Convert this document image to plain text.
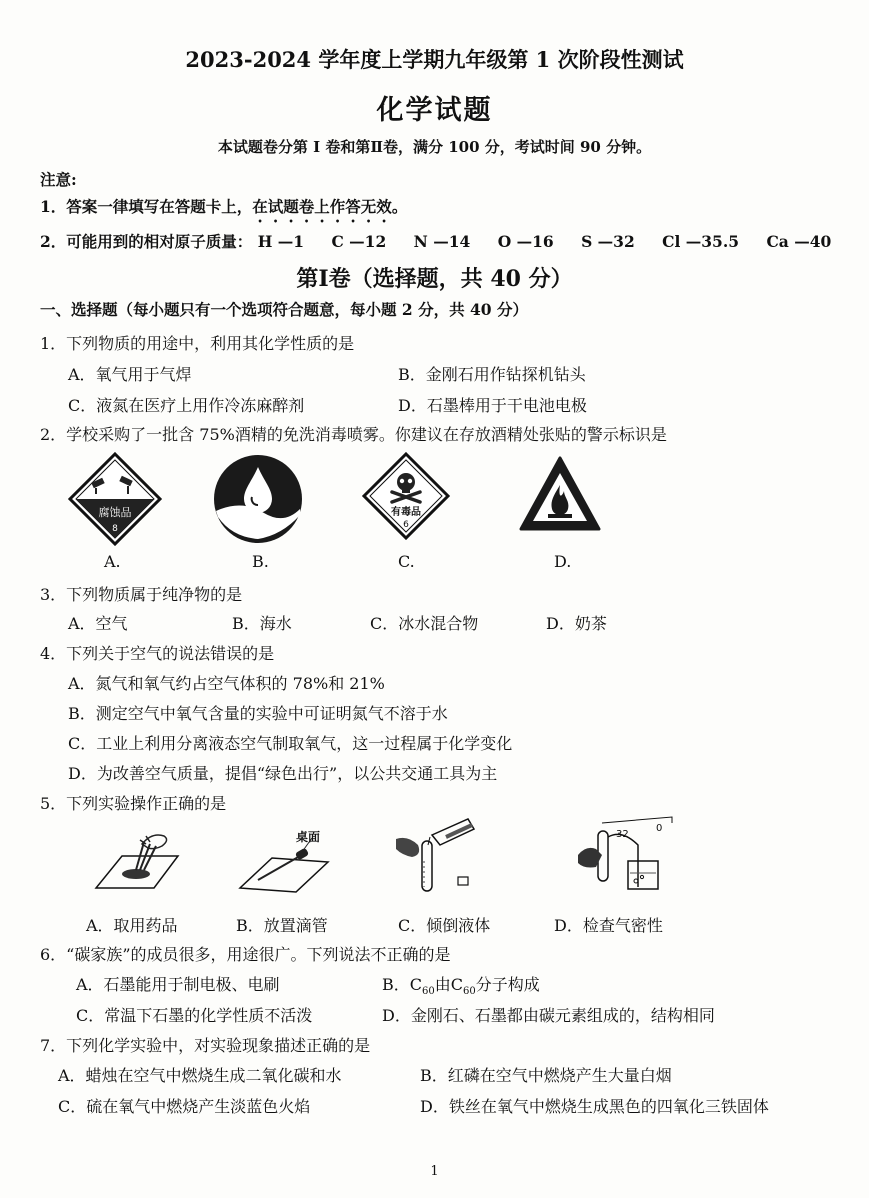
2023-2024 学年度上学期九年级第 1 次阶段性测试
化学试题
本试题卷分第 I 卷和第Ⅱ卷，满分 100 分，考试时间 90 分钟。
注意:
1．答案一律填写在答题卡上，在试题卷上作答无效。
2．可能用到的相对原子质量： H —1 C —12 N —14 O —16 S —32 Cl —35.5 Ca —40
第Ⅰ卷（选择题，共 40 分）
一、选择题（每小题只有一个选项符合题意，每小题 2 分，共 40 分）
1．下列物质的用途中，利用其化学性质的是
A．氧气用于气焊	B．金刚石用作钻探机钻头
C．液氮在医疗上用作冷冻麻醉剂	D．石墨棒用于干电池电极
2．学校采购了一批含 75%酒精的免洗消毒喷雾。你建议在存放酒精处张贴的警示标识是
腐蚀品
8
有毒品
6
A.	B.	C.	D.
3．下列物质属于纯净物的是
A．空气	B．海水	C．冰水混合物	D．奶茶
4．下列关于空气的说法错误的是
A．氮气和氧气约占空气体积的 78%和 21%
B．测定空气中氧气含量的实验中可证明氮气不溶于水
C．工业上利用分离液态空气制取氧气，这一过程属于化学变化
D．为改善空气质量，提倡“绿色出行”，以公共交通工具为主
5．下列实验操作正确的是
桌面	32
0
A．取用药品	B．放置滴管	C．倾倒液体	D．检查气密性
6．“碳家族”的成员很多，用途很广。下列说法不正确的是
A．石墨能用于制电极、电刷	B．$C_{60}$由$C_{60}$分子构成
C．常温下石墨的化学性质不活泼	D．金刚石、石墨都由碳元素组成的，结构相同
7．下列化学实验中，对实验现象描述正确的是
A．蜡烛在空气中燃烧生成二氧化碳和水	B．红磷在空气中燃烧产生大量白烟
C．硫在氧气中燃烧产生淡蓝色火焰	D．铁丝在氧气中燃烧生成黑色的四氧化三铁固体
1
